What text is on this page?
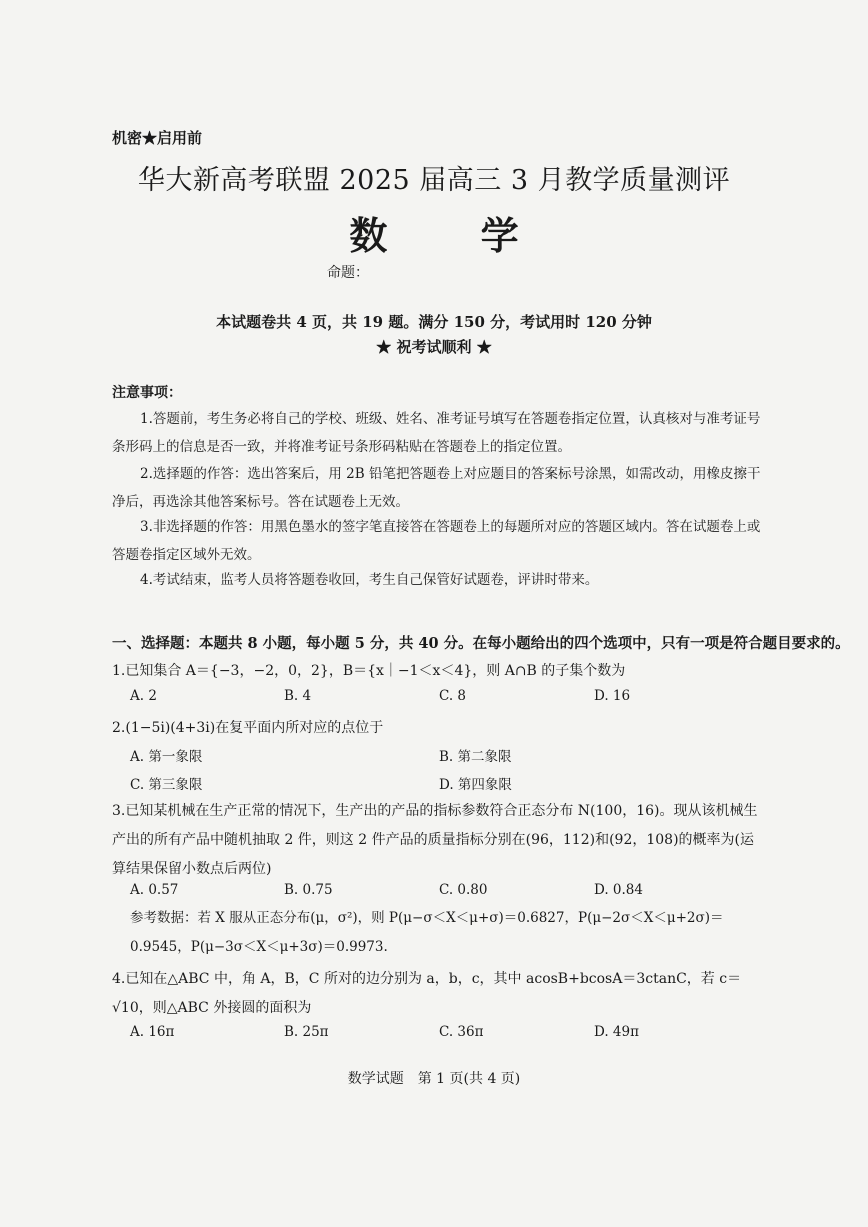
机密★启用前
华大新高考联盟 2025 届高三 3 月教学质量测评
数 学
命题：
本试题卷共 4 页，共 19 题。满分 150 分，考试用时 120 分钟
★ 祝考试顺利 ★
注意事项：
1.答题前，考生务必将自己的学校、班级、姓名、准考证号填写在答题卷指定位置，认真核对与准考证号条形码上的信息是否一致，并将准考证号条形码粘贴在答题卷上的指定位置。
2.选择题的作答：选出答案后，用 2B 铅笔把答题卷上对应题目的答案标号涂黑，如需改动，用橡皮擦干净后，再选涂其他答案标号。答在试题卷上无效。
3.非选择题的作答：用黑色墨水的签字笔直接答在答题卷上的每题所对应的答题区域内。答在试题卷上或答题卷指定区域外无效。
4.考试结束，监考人员将答题卷收回，考生自己保管好试题卷，评讲时带来。
一、选择题：本题共 8 小题，每小题 5 分，共 40 分。在每小题给出的四个选项中，只有一项是符合题目要求的。
1.已知集合 A＝{−3，−2，0，2}，B＝{x｜−1＜x＜4}，则 A∩B 的子集个数为
A. 2	B. 4	C. 8	D. 16
2.(1−5i)(4+3i)在复平面内所对应的点位于
A. 第一象限	B. 第二象限
C. 第三象限	D. 第四象限
3.已知某机械在生产正常的情况下，生产出的产品的指标参数符合正态分布 N(100，16)。现从该机械生产出的所有产品中随机抽取 2 件，则这 2 件产品的质量指标分别在(96，112)和(92，108)的概率为(运算结果保留小数点后两位)
A. 0.57	B. 0.75	C. 0.80	D. 0.84
参考数据：若 X 服从正态分布(μ，σ²)，则 P(μ−σ＜X＜μ+σ)＝0.6827，P(μ−2σ＜X＜μ+2σ)＝0.9545，P(μ−3σ＜X＜μ+3σ)＝0.9973.
4.已知在△ABC 中，角 A，B，C 所对的边分别为 a，b，c，其中 acosB+bcosA＝3ctanC，若 c＝√10，则△ABC 外接圆的面积为
A. 16π	B. 25π	C. 36π	D. 49π
数学试题　第 1 页(共 4 页)
